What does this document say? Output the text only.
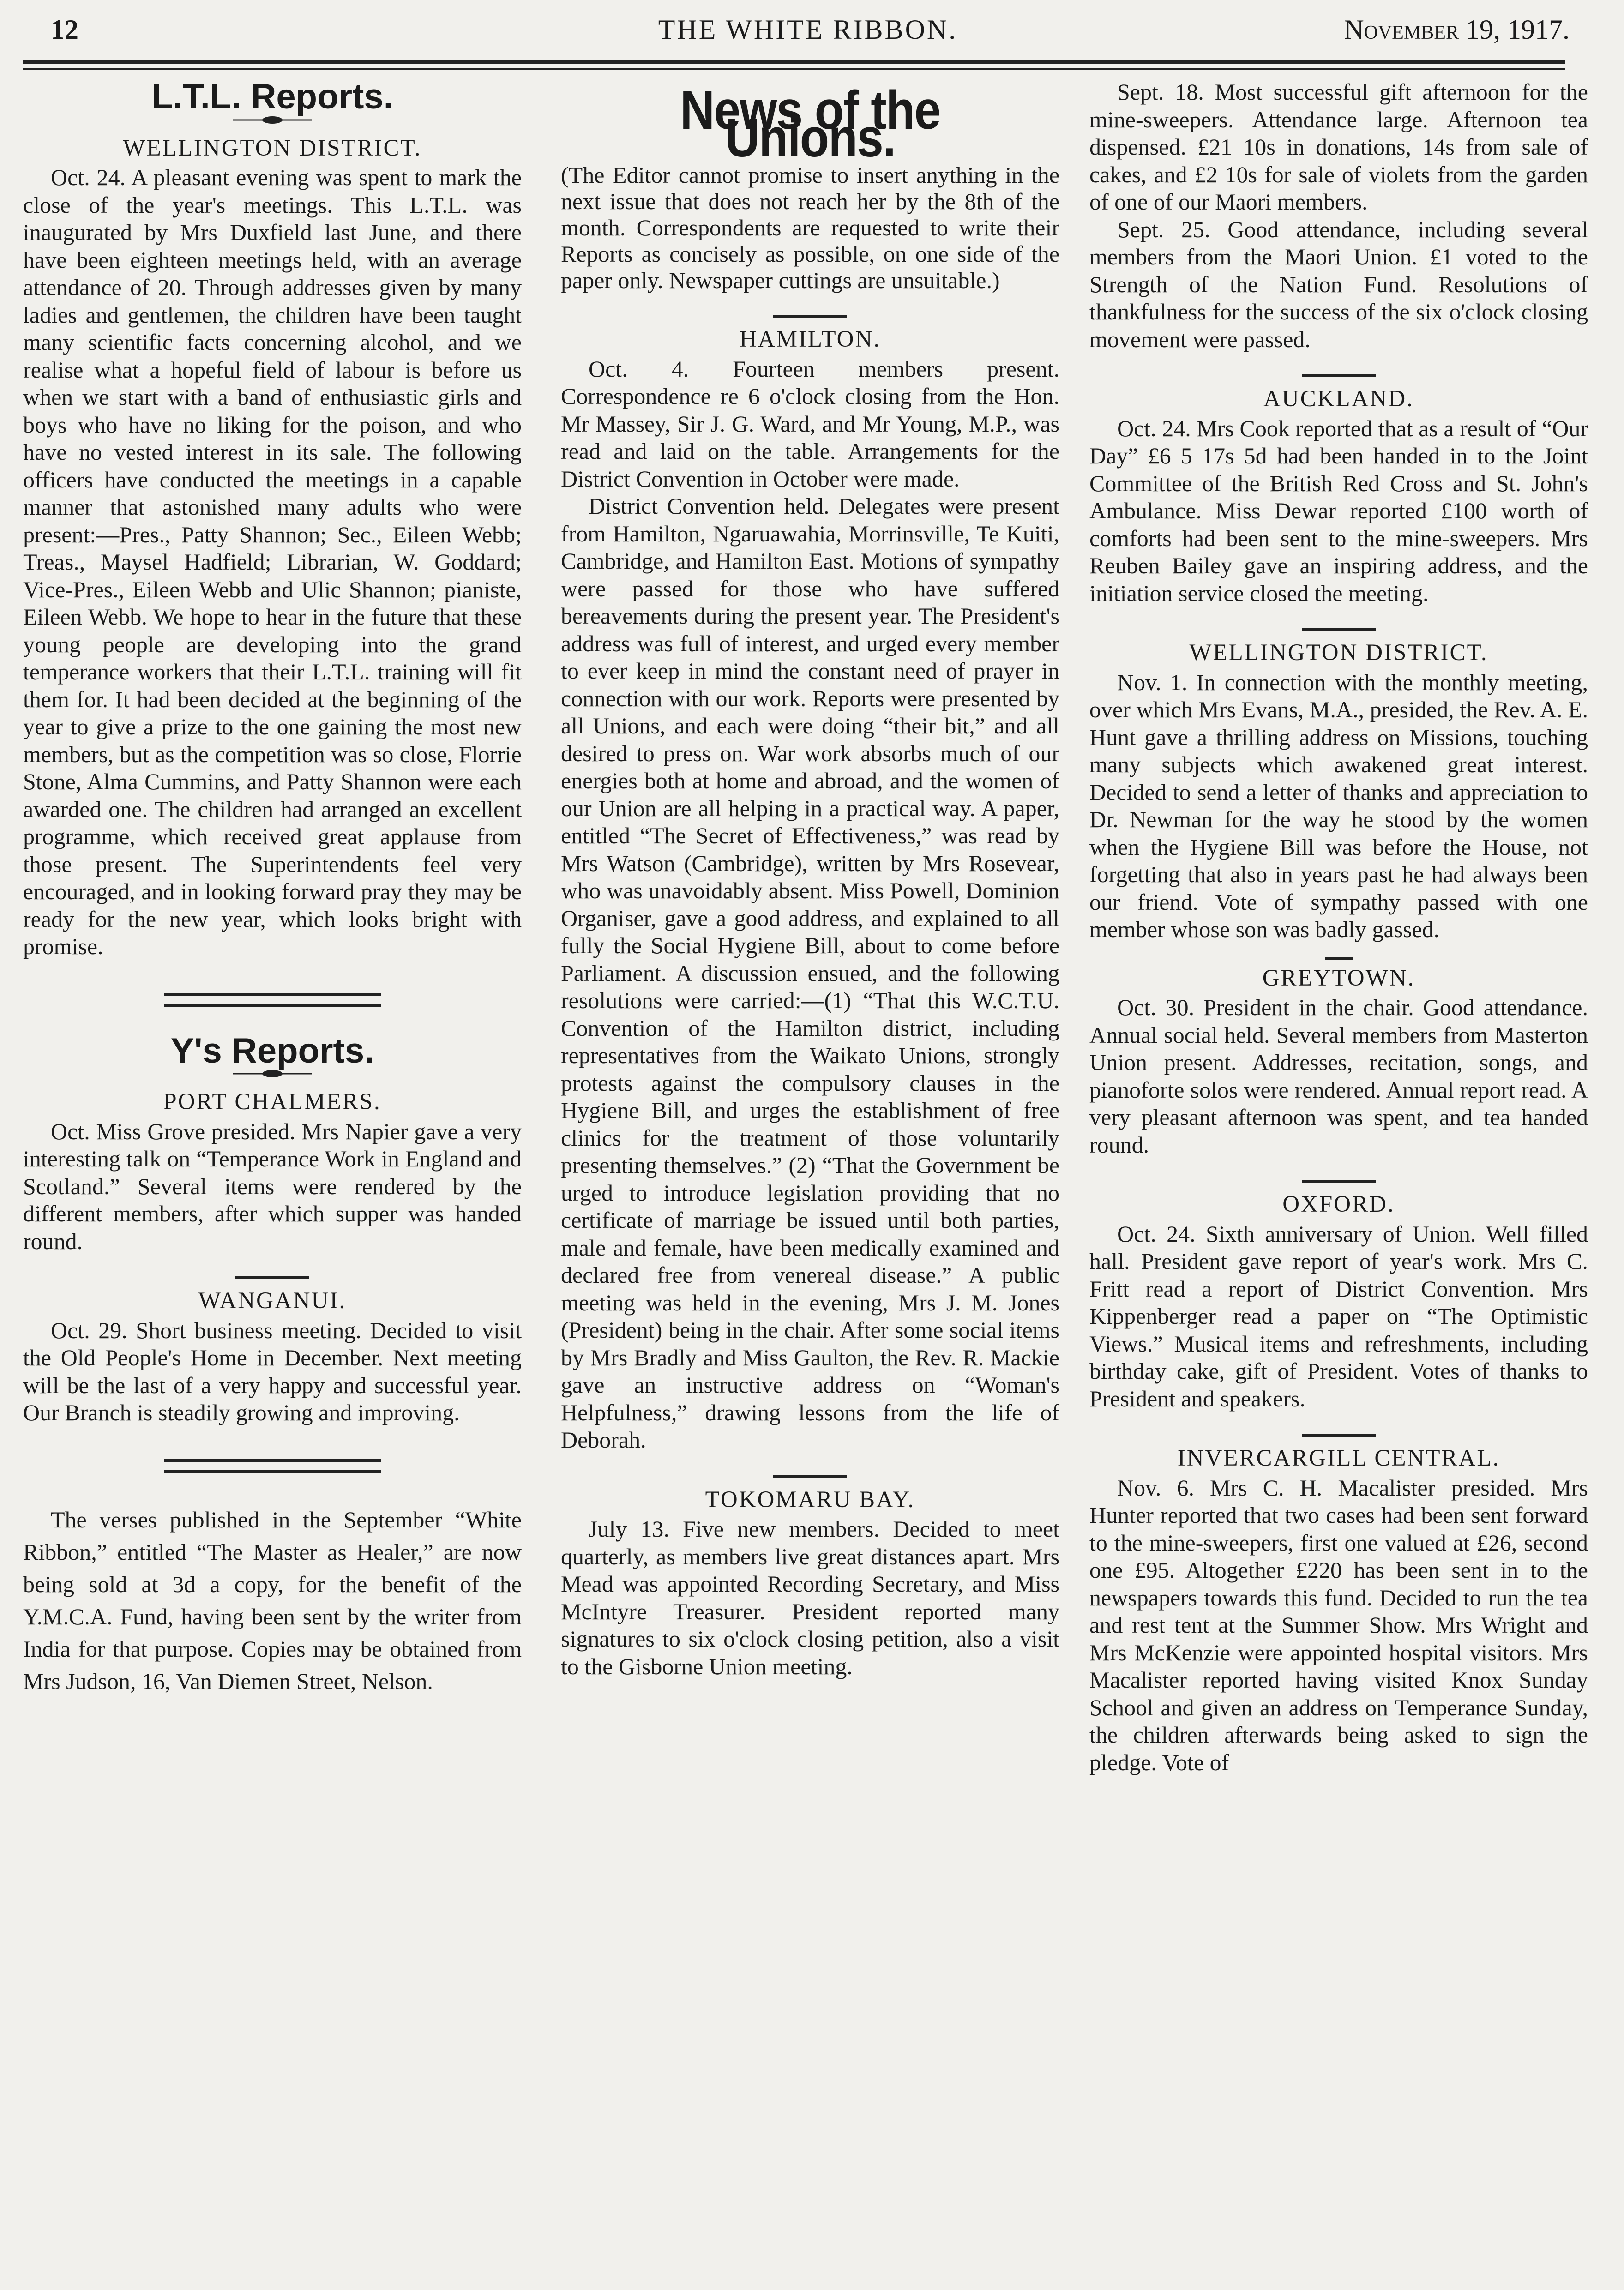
12	THE WHITE RIBBON.	November 19, 1917.
L.T.L. Reports.
WELLINGTON DISTRICT.

Oct. 24. A pleasant evening was spent to mark the close of the year's meetings. This L.T.L. was inaugurated by Mrs Duxfield last June, and there have been eighteen meetings held, with an average attendance of 20. Through addresses given by many ladies and gentlemen, the children have been taught many scientific facts concerning alcohol, and we realise what a hopeful field of labour is before us when we start with a band of enthusiastic girls and boys who have no liking for the poison, and who have no vested interest in its sale. The following officers have conducted the meetings in a capable manner that astonished many adults who were present:—Pres., Patty Shannon; Sec., Eileen Webb; Treas., Maysel Hadfield; Librarian, W. Goddard; Vice-Pres., Eileen Webb and Ulic Shannon; pianiste, Eileen Webb. We hope to hear in the future that these young people are developing into the grand temperance workers that their L.T.L. training will fit them for. It had been decided at the beginning of the year to give a prize to the one gaining the most new members, but as the competition was so close, Florrie Stone, Alma Cummins, and Patty Shannon were each awarded one. The children had arranged an excellent programme, which received great applause from those present. The Superintendents feel very encouraged, and in looking forward pray they may be ready for the new year, which looks bright with promise.

Y's Reports.
PORT CHALMERS.

Oct. Miss Grove presided. Mrs Napier gave a very interesting talk on “Temperance Work in England and Scotland.” Several items were rendered by the different members, after which supper was handed round.

WANGANUI.

Oct. 29. Short business meeting. Decided to visit the Old People's Home in December. Next meeting will be the last of a very happy and successful year. Our Branch is steadily growing and improving.

The verses published in the September “White Ribbon,” entitled “The Master as Healer,” are now being sold at 3d a copy, for the benefit of the Y.M.C.A. Fund, having been sent by the writer from India for that purpose. Copies may be obtained from Mrs Judson, 16, Van Diemen Street, Nelson.

News of the Unions.

(The Editor cannot promise to insert anything in the next issue that does not reach her by the 8th of the month. Correspondents are requested to write their Reports as concisely as possible, on one side of the paper only. Newspaper cuttings are unsuitable.)

HAMILTON.

Oct. 4. Fourteen members present. Correspondence re 6 o'clock closing from the Hon. Mr Massey, Sir J. G. Ward, and Mr Young, M.P., was read and laid on the table. Arrangements for the District Convention in October were made.

District Convention held. Delegates were present from Hamilton, Ngaruawahia, Morrinsville, Te Kuiti, Cambridge, and Hamilton East. Motions of sympathy were passed for those who have suffered bereavements during the present year. The President's address was full of interest, and urged every member to ever keep in mind the constant need of prayer in connection with our work. Reports were presented by all Unions, and each were doing “their bit,” and all desired to press on. War work absorbs much of our energies both at home and abroad, and the women of our Union are all helping in a practical way. A paper, entitled “The Secret of Effectiveness,” was read by Mrs Watson (Cambridge), written by Mrs Rosevear, who was unavoidably absent. Miss Powell, Dominion Organiser, gave a good address, and explained to all fully the Social Hygiene Bill, about to come before Parliament. A discussion ensued, and the following resolutions were carried:—(1) “That this W.C.T.U. Convention of the Hamilton district, including representatives from the Waikato Unions, strongly protests against the compulsory clauses in the Hygiene Bill, and urges the establishment of free clinics for the treatment of those voluntarily presenting themselves.” (2) “That the Government be urged to introduce legislation providing that no certificate of marriage be issued until both parties, male and female, have been medically examined and declared free from venereal disease.” A public meeting was held in the evening, Mrs J. M. Jones (President) being in the chair. After some social items by Mrs Bradly and Miss Gaulton, the Rev. R. Mackie gave an instructive address on “Woman's Helpfulness,” drawing lessons from the life of Deborah.

TOKOMARU BAY.

July 13. Five new members. Decided to meet quarterly, as members live great distances apart. Mrs Mead was appointed Recording Secretary, and Miss McIntyre Treasurer. President reported many signatures to six o'clock closing petition, also a visit to the Gisborne Union meeting.

Sept. 18. Most successful gift afternoon for the mine-sweepers. Attendance large. Afternoon tea dispensed. £21 10s in donations, 14s from sale of cakes, and £2 10s for sale of violets from the garden of one of our Maori members.

Sept. 25. Good attendance, including several members from the Maori Union. £1 voted to the Strength of the Nation Fund. Resolutions of thankfulness for the success of the six o'clock closing movement were passed.

AUCKLAND.

Oct. 24. Mrs Cook reported that as a result of “Our Day” £6 5 17s 5d had been handed in to the Joint Committee of the British Red Cross and St. John's Ambulance. Miss Dewar reported £100 worth of comforts had been sent to the mine-sweepers. Mrs Reuben Bailey gave an inspiring address, and the initiation service closed the meeting.

WELLINGTON DISTRICT.

Nov. 1. In connection with the monthly meeting, over which Mrs Evans, M.A., presided, the Rev. A. E. Hunt gave a thrilling address on Missions, touching many subjects which awakened great interest. Decided to send a letter of thanks and appreciation to Dr. Newman for the way he stood by the women when the Hygiene Bill was before the House, not forgetting that also in years past he had always been our friend. Vote of sympathy passed with one member whose son was badly gassed.

GREYTOWN.

Oct. 30. President in the chair. Good attendance. Annual social held. Several members from Masterton Union present. Addresses, recitation, songs, and pianoforte solos were rendered. Annual report read. A very pleasant afternoon was spent, and tea handed round.

OXFORD.

Oct. 24. Sixth anniversary of Union. Well filled hall. President gave report of year's work. Mrs C. Fritt read a report of District Convention. Mrs Kippenberger read a paper on “The Optimistic Views.” Musical items and refreshments, including birthday cake, gift of President. Votes of thanks to President and speakers.

INVERCARGILL CENTRAL.

Nov. 6. Mrs C. H. Macalister presided. Mrs Hunter reported that two cases had been sent forward to the mine-sweepers, first one valued at £26, second one £95. Altogether £220 has been sent in to the newspapers towards this fund. Decided to run the tea and rest tent at the Summer Show. Mrs Wright and Mrs McKenzie were appointed hospital visitors. Mrs Macalister reported having visited Knox Sunday School and given an address on Temperance Sunday, the children afterwards being asked to sign the pledge. Vote of
